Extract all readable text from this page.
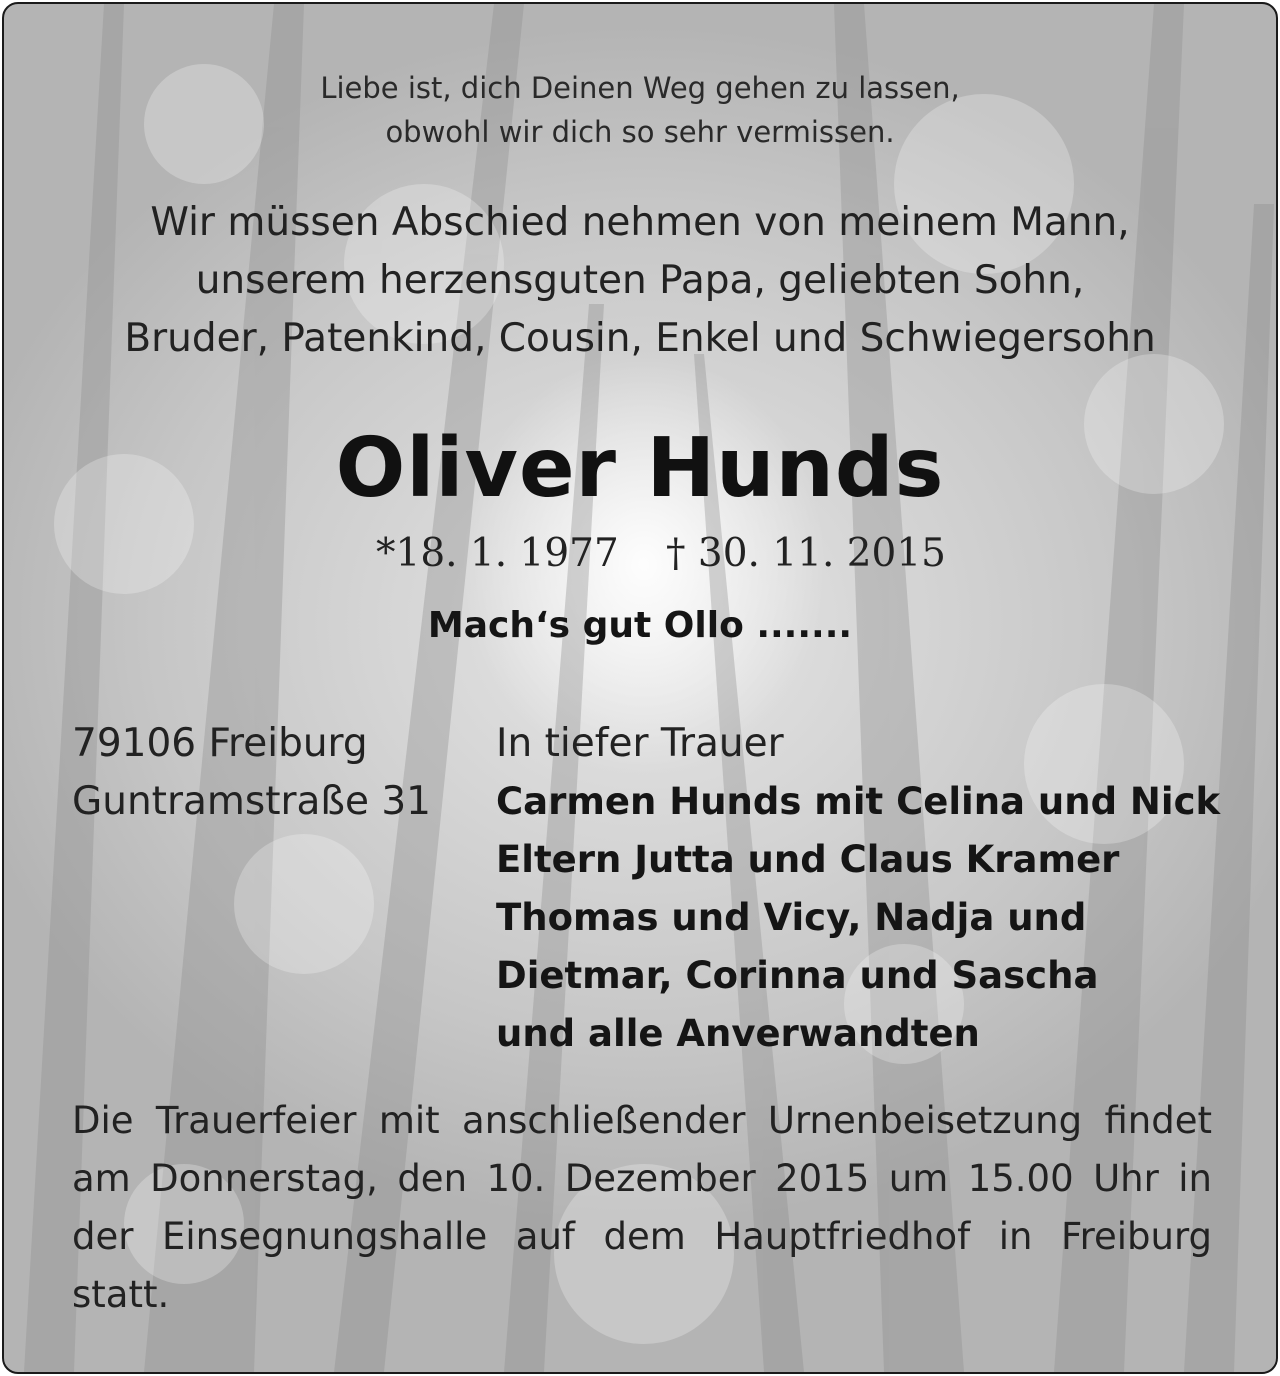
Liebe ist, dich Deinen Weg gehen zu lassen,
obwohl wir dich so sehr vermissen.
Wir müssen Abschied nehmen von meinem Mann,
unserem herzensguten Papa, geliebten Sohn,
Bruder, Patenkind, Cousin, Enkel und Schwiegersohn
Oliver Hunds
*18. 1. 1977 † 30. 11. 2015
Mach‘s gut Ollo .......
79106 Freiburg
Guntramstraße 31
In tiefer Trauer
Carmen Hunds mit Celina und Nick
Eltern Jutta und Claus Kramer
Thomas und Vicy, Nadja und
Dietmar, Corinna und Sascha
und alle Anverwandten
Die Trauerfeier mit anschließender Urnenbeisetzung findet am Donnerstag, den 10. Dezember 2015 um 15.00 Uhr in der Einsegnungshalle auf dem Hauptfriedhof in Freiburg statt.
